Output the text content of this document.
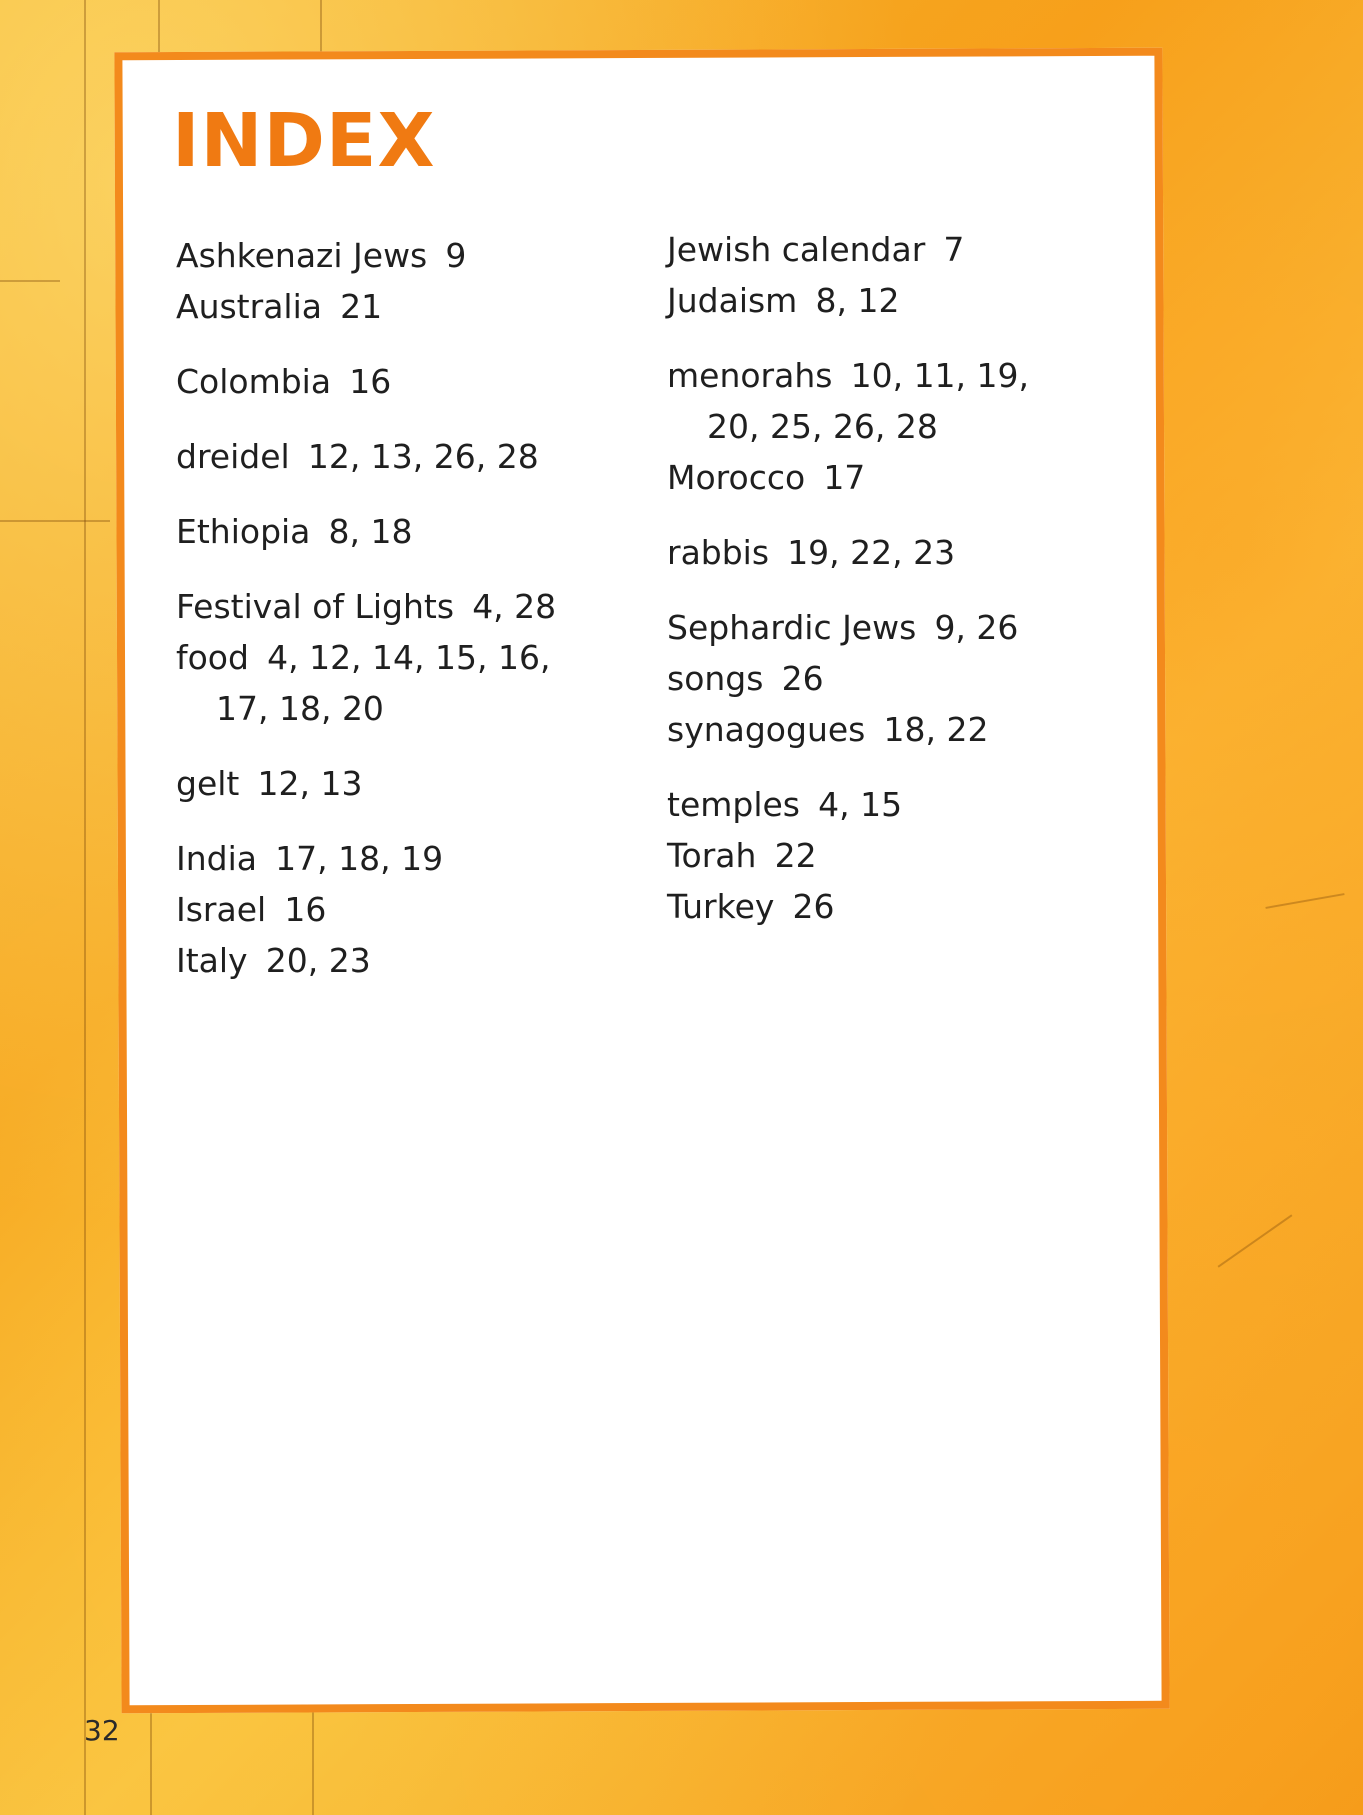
INDEX
Ashkenazi Jews 9
Australia 21
Colombia 16
dreidel 12, 13, 26, 28
Ethiopia 8, 18
Festival of Lights 4, 28
food 4, 12, 14, 15, 16,
17, 18, 20
gelt 12, 13
India 17, 18, 19
Israel 16
Italy 20, 23
Jewish calendar 7
Judaism 8, 12
menorahs 10, 11, 19,
20, 25, 26, 28
Morocco 17
rabbis 19, 22, 23
Sephardic Jews 9, 26
songs 26
synagogues 18, 22
temples 4, 15
Torah 22
Turkey 26
32
